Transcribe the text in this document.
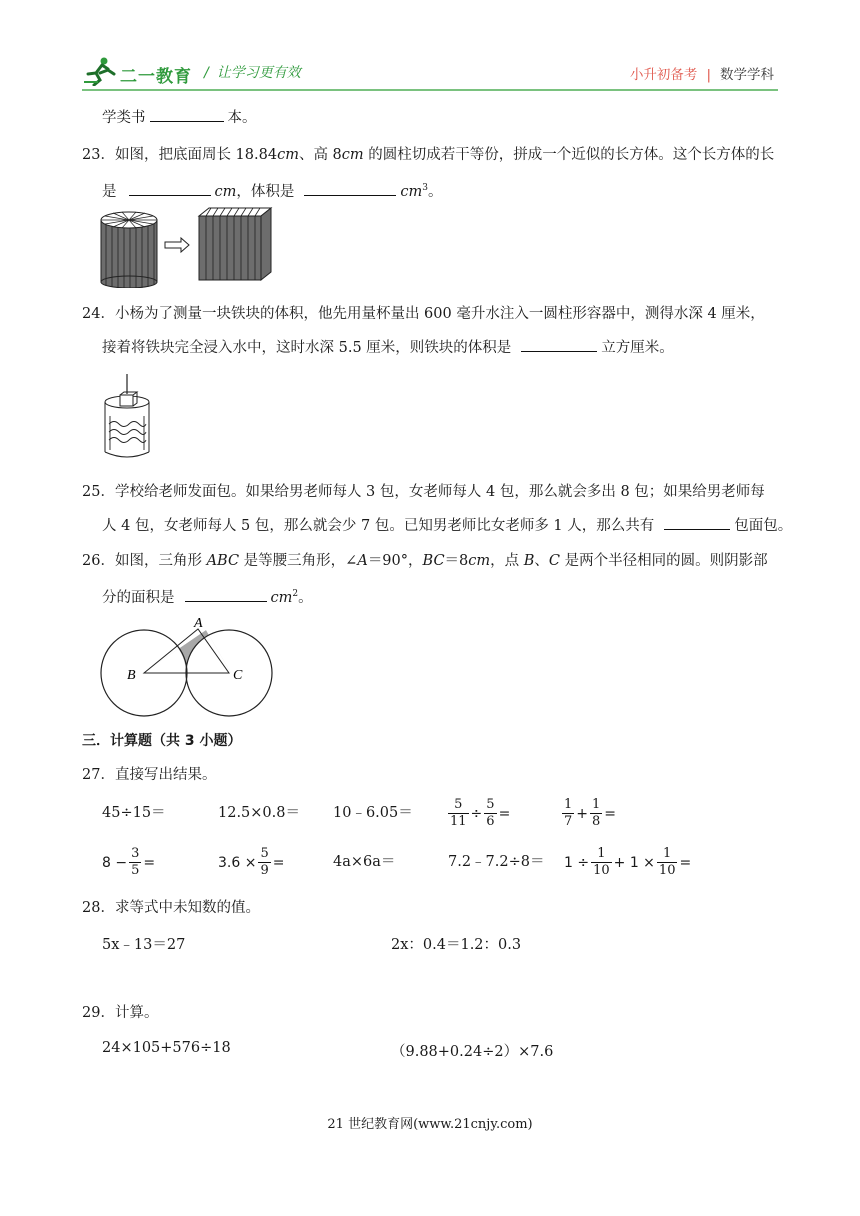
二一教育 / 让学习更有效	小升初备考 | 数学学科
学类书	本。
23．如图，把底面周长 18.84cm、高 8cm 的圆柱切成若干等份，拼成一个近似的长方体。这个长方体的长
是	cm，体积是	$cm^3$。
24．小杨为了测量一块铁块的体积，他先用量杯量出 600 毫升水注入一圆柱形容器中，测得水深 4 厘米，
接着将铁块完全浸入水中，这时水深 5.5 厘米，则铁块的体积是	立方厘米。
25．学校给老师发面包。如果给男老师每人 3 包，女老师每人 4 包，那么就会多出 8 包；如果给男老师每
人 4 包，女老师每人 5 包，那么就会少 7 包。已知男老师比女老师多 1 人，那么共有	包面包。
26．如图，三角形 ABC 是等腰三角形，∠A＝90°，BC＝8cm，点 B、C 是两个半径相同的圆。则阴影部
分的面积是	$cm^2$。
A
B	C
三．计算题（共 3 小题）
27．直接写出结果。
45÷15＝	12.5×0.8＝ 10﹣6.05＝	$\frac{5}{11} \div \frac{5}{6}$ =	$\frac{1}{7} + \frac{1}{8}$ =
$8 - \frac{3}{5}$ =	$3.6 \times \frac{5}{9}$ =	4a×6a＝	7.2﹣7.2÷8＝ $1 \div \frac{1}{10} + 1 \times \frac{1}{10}$ =
28．求等式中未知数的值。
5x﹣13＝27	2x：0.4＝1.2：0.3
29．计算。
24×105+576÷18	（9.88+0.24÷2）×7.6
21 世纪教育网(www.21cnjy.com)
